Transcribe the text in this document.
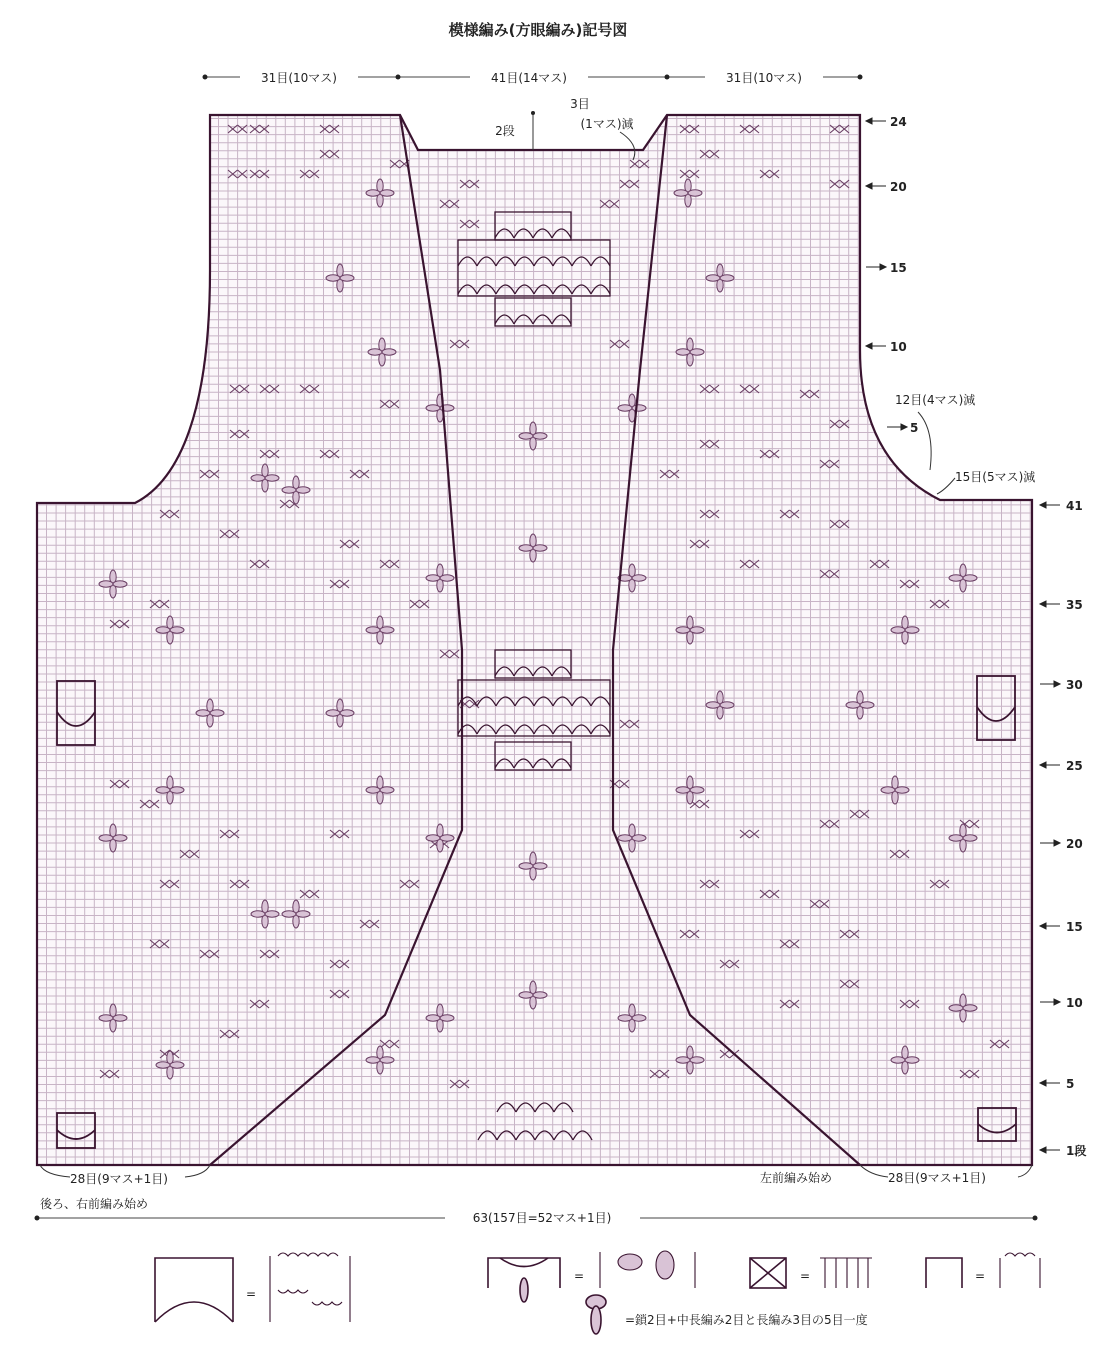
模様編み(方眼編み)記号図
31目(10マス)	41目(14マス)	31目(10マス)
2段
3目
(1マス)減
12目(4マス)減
15目(5マス)減
24
20
15
10
5
41
35
30
25
20
15
10
5
1段
28目(9マス+1目)
後ろ、右前編み始め
左前編み始め	28目(9マス+1目)
63(157目=52マス+1目)
=
=	=	=
=鎖2目+中長編み2目と長編み3目の5目一度
